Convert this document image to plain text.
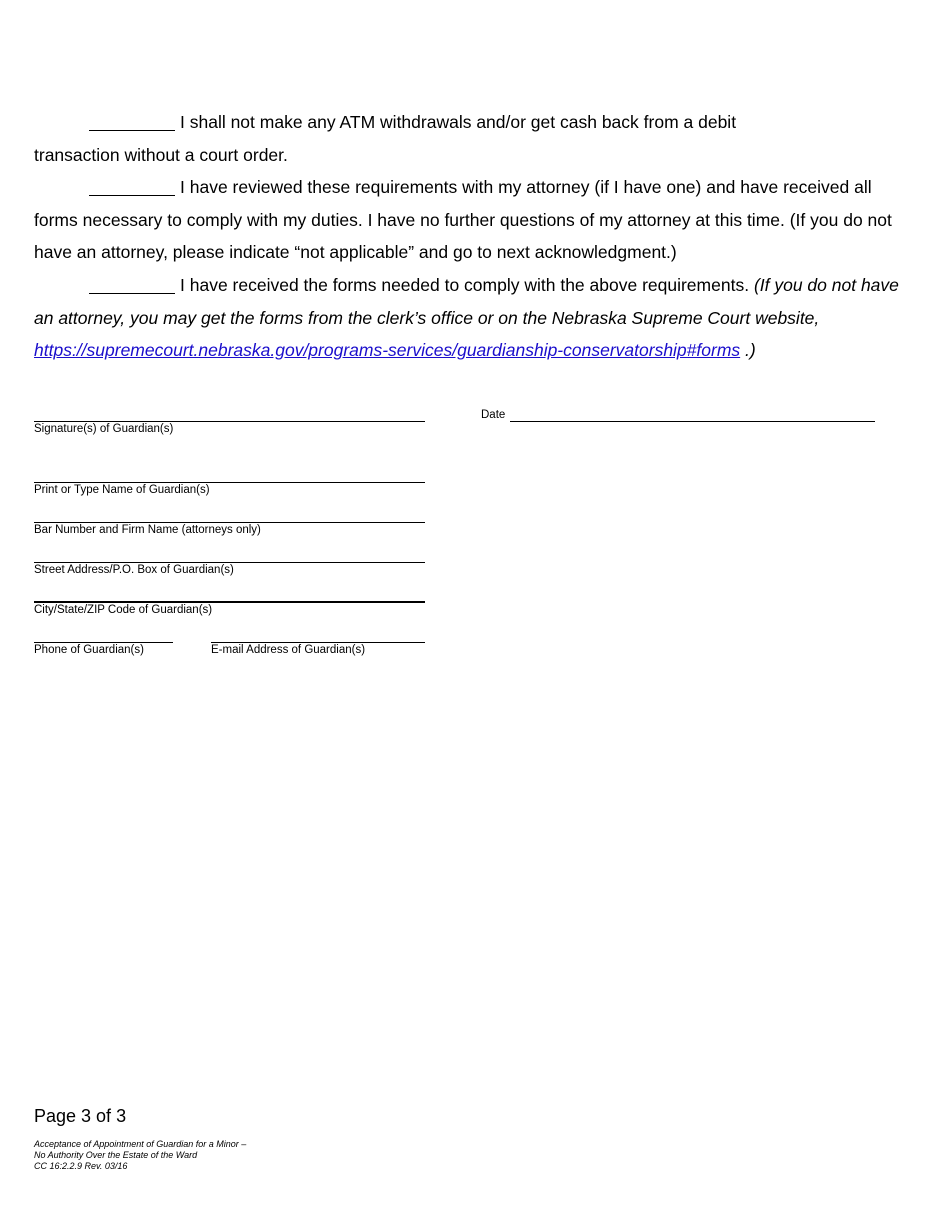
I shall not make any ATM withdrawals and/or get cash back from a debit transaction without a court order.
I have reviewed these requirements with my attorney (if I have one) and have received all forms necessary to comply with my duties. I have no further questions of my attorney at this time. (If you do not have an attorney, please indicate “not applicable” and go to next acknowledgment.)
I have received the forms needed to comply with the above requirements. (If you do not have an attorney, you may get the forms from the clerk’s office or on the Nebraska Supreme Court website, https://supremecourt.nebraska.gov/programs-services/guardianship-conservatorship#forms .)
Signature(s) of Guardian(s)
Date
Print or Type Name of Guardian(s)
Bar Number and Firm Name (attorneys only)
Street Address/P.O. Box of Guardian(s)
City/State/ZIP Code of Guardian(s)
Phone of Guardian(s)	E-mail Address of Guardian(s)
Page 3 of 3
Acceptance of Appointment of Guardian for a Minor –
No Authority Over the Estate of the Ward
CC 16:2.2.9 Rev. 03/16
